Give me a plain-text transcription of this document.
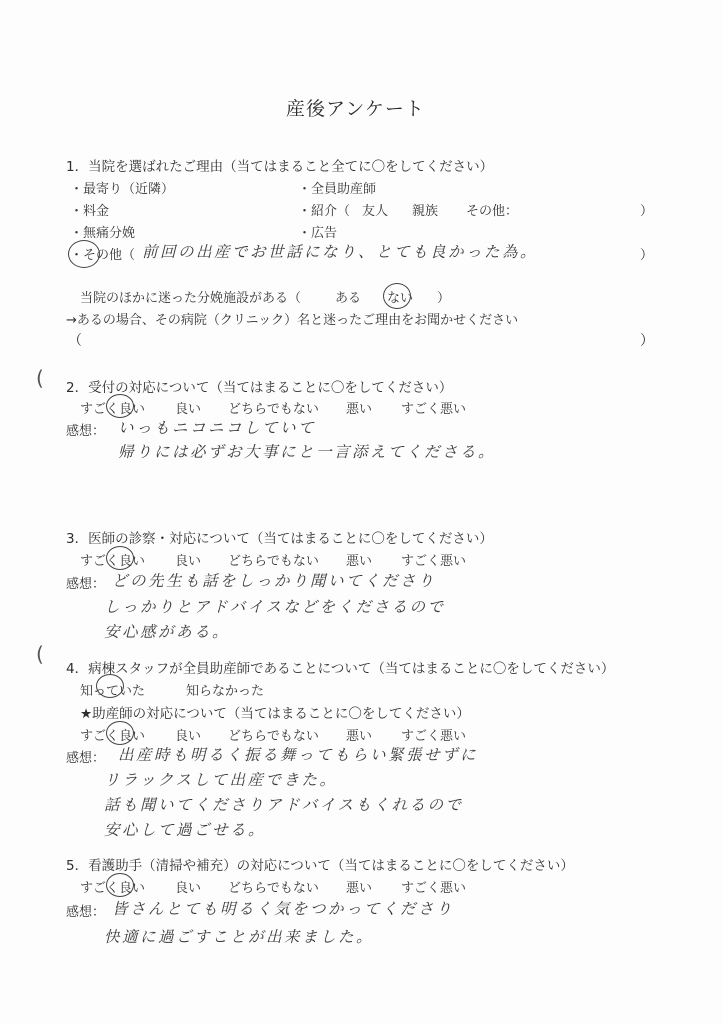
産後アンケート
1．当院を選ばれたご理由（当てはまること全てに〇をしてください）
・最寄り（近隣）	・全員助産師
・料金	・紹介（ 友人 親族 その他：	）
・無痛分娩	・広告
・その他（ 前回の出産でお世話になり、とても良かった為。	）
当院のほかに迷った分娩施設がある（	ある ない ）
→あるの場合、その病院（クリニック）名と迷ったご理由をお聞かせください
（	）
( 2．受付の対応について（当てはまることに〇をしてください）
すごく良い 良い どちらでもない 悪い すごく悪い
感想： いっもニコニコしていて
帰りには必ずお大事にと一言添えてくださる。
3．医師の診察・対応について（当てはまることに〇をしてください）
すごく良い 良い どちらでもない 悪い すごく悪い
感想： どの先生も話をしっかり聞いてくださり
しっかりとアドバイスなどをくださるので
安心感がある。
(
4．病棟スタッフが全員助産師であることについて（当てはまることに〇をしてください）
知っていた	知らなかった
★助産師の対応について（当てはまることに〇をしてください）
すごく良い 良い どちらでもない 悪い すごく悪い
感想： 出産時も明るく振る舞ってもらい緊張せずに
リラックスして出産できた。
話も聞いてくださりアドバイスもくれるので
安心して過ごせる。
5．看護助手（清掃や補充）の対応について（当てはまることに〇をしてください）
すごく良い 良い どちらでもない 悪い すごく悪い
感想： 皆さんとても明るく気をつかってくださり
快適に過ごすことが出来ました。
